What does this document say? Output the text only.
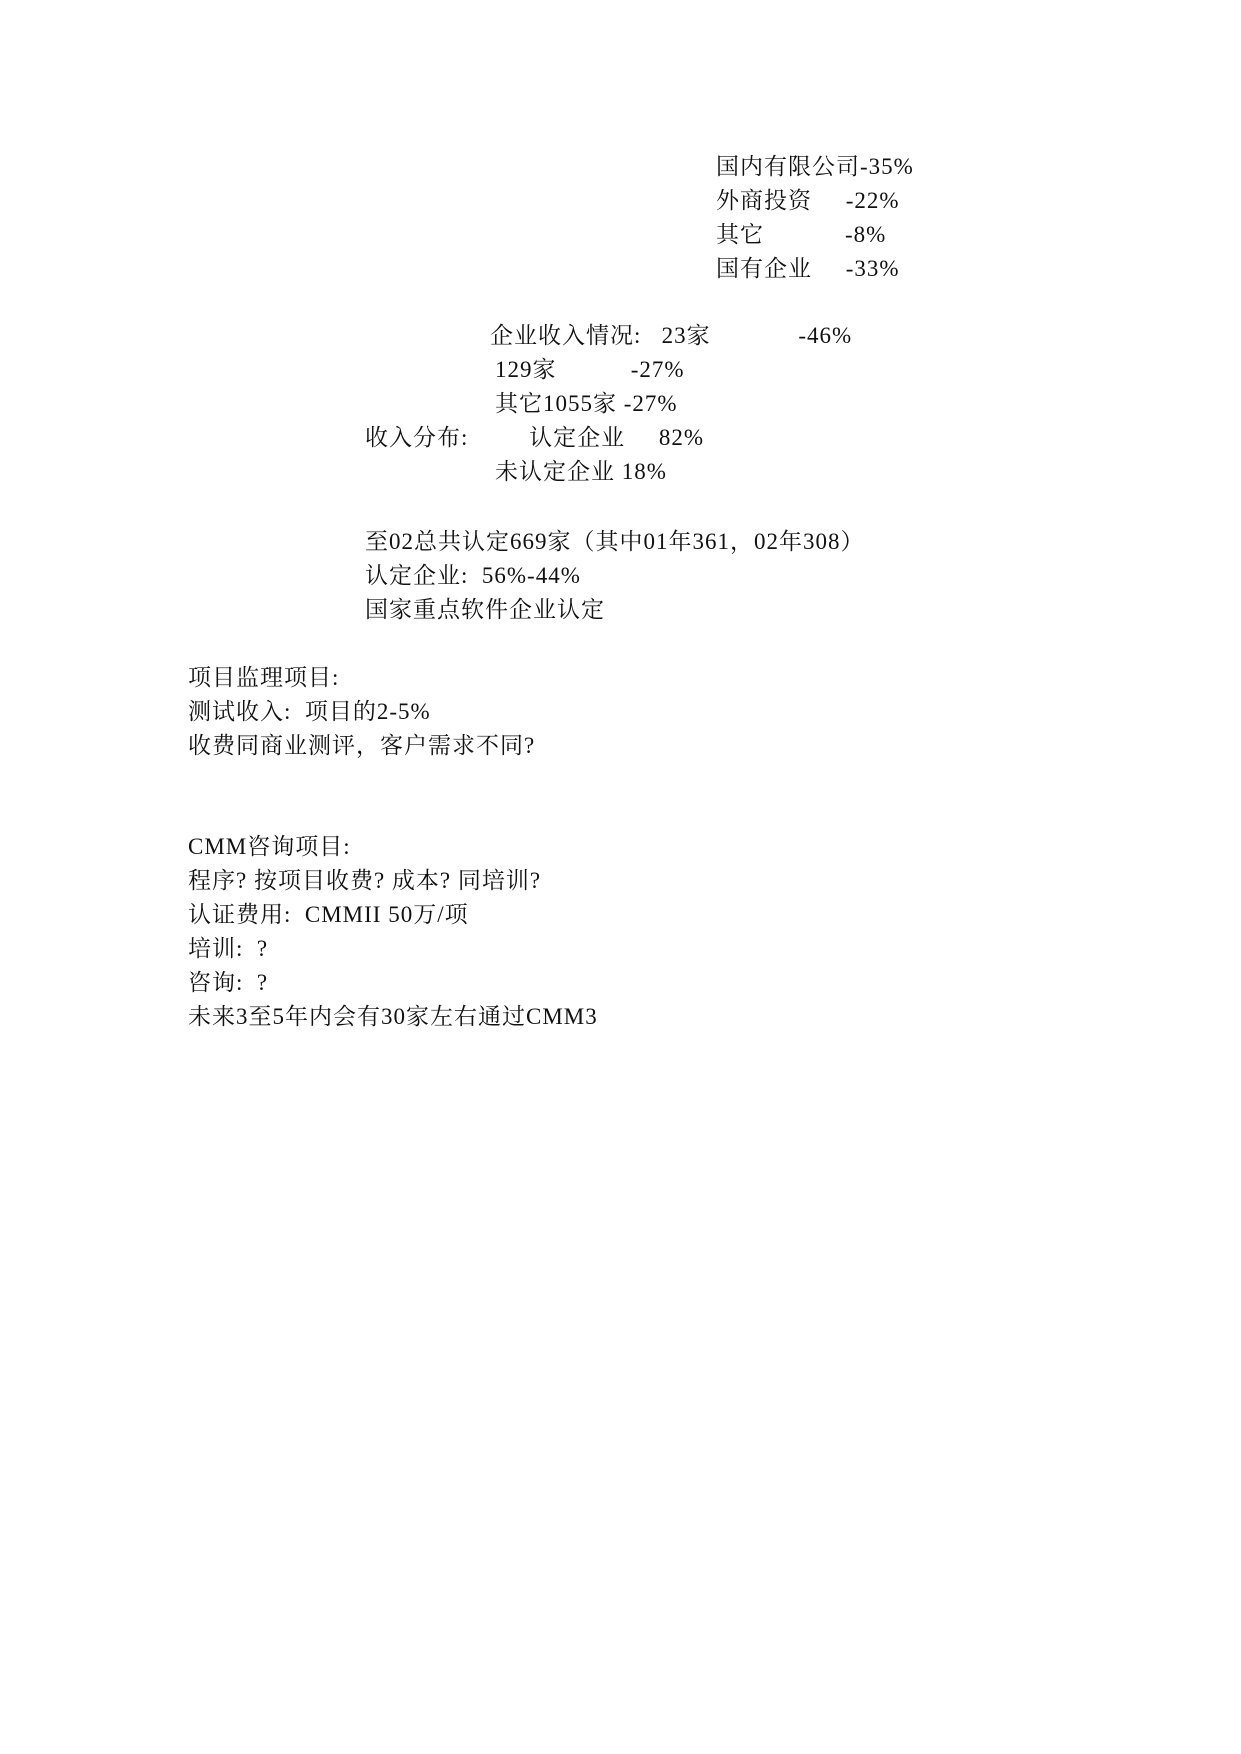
国内有限公司-35%
外商投资     -22%
其它            -8%
国有企业     -33%
企业收入情况:   23家             -46%
129家           -27%
其它1055家 -27%
收入分布:         认定企业     82%
未认定企业 18%
至02总共认定669家（其中01年361，02年308）
认定企业:  56%-44%
国家重点软件企业认定
项目监理项目:
测试收入:  项目的2-5%
收费同商业测评，客户需求不同?
CMM咨询项目:
程序? 按项目收费? 成本? 同培训?
认证费用:  CMMII 50万/项
培训:  ?
咨询:  ?
未来3至5年内会有30家左右通过CMM3
